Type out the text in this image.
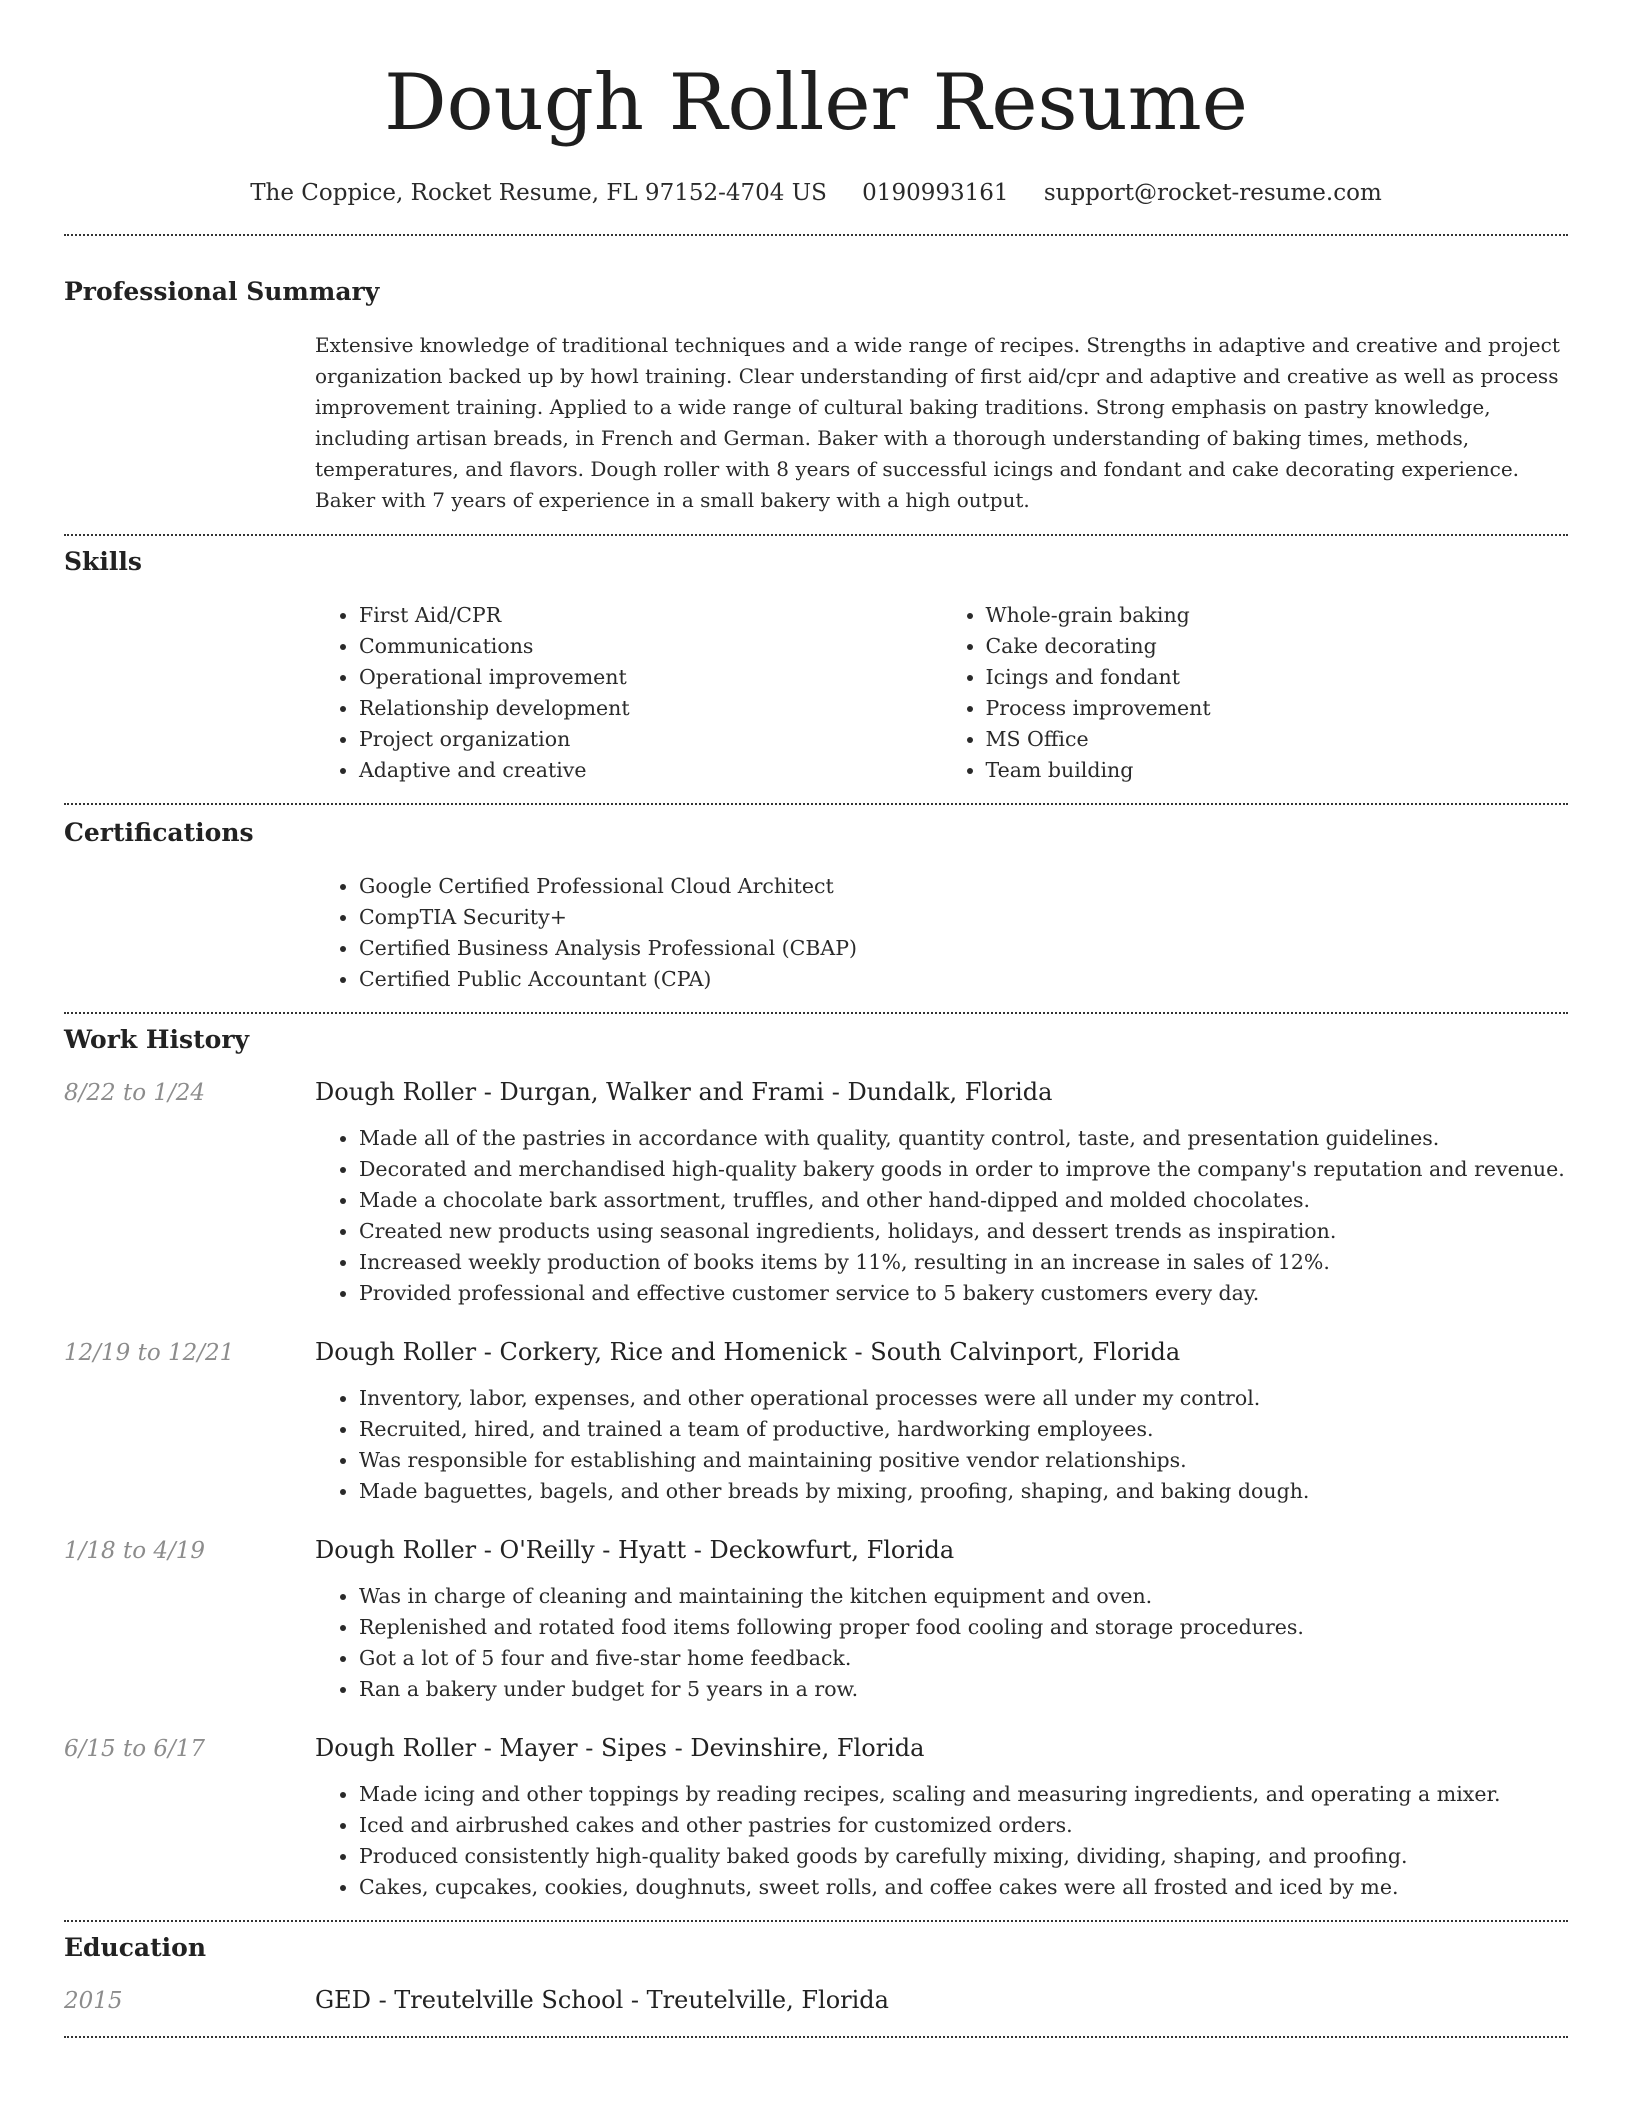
Dough Roller Resume
The Coppice, Rocket Resume, FL 97152-4704 US 0190993161 support@rocket-resume.com
Professional Summary

Extensive knowledge of traditional techniques and a wide range of recipes. Strengths in adaptive and creative and project organization backed up by howl training. Clear understanding of first aid/cpr and adaptive and creative as well as process improvement training. Applied to a wide range of cultural baking traditions. Strong emphasis on pastry knowledge, including artisan breads, in French and German. Baker with a thorough understanding of baking times, methods, temperatures, and flavors. Dough roller with 8 years of successful icings and fondant and cake decorating experience. Baker with 7 years of experience in a small bakery with a high output.

Skills
• First Aid/CPR
• Communications
• Operational improvement
• Relationship development
• Project organization
• Adaptive and creative
• Whole-grain baking
• Cake decorating
• Icings and fondant
• Process improvement
• MS Office
• Team building
Certifications
• Google Certified Professional Cloud Architect
• CompTIA Security+
• Certified Business Analysis Professional (CBAP)
• Certified Public Accountant (CPA)
Work History
8/22 to 1/24	Dough Roller - Durgan, Walker and Frami - Dundalk, Florida
• Made all of the pastries in accordance with quality, quantity control, taste, and presentation guidelines.
• Decorated and merchandised high-quality bakery goods in order to improve the company's reputation and revenue.
• Made a chocolate bark assortment, truffles, and other hand-dipped and molded chocolates.
• Created new products using seasonal ingredients, holidays, and dessert trends as inspiration.
• Increased weekly production of books items by 11%, resulting in an increase in sales of 12%.
• Provided professional and effective customer service to 5 bakery customers every day.
12/19 to 12/21	Dough Roller - Corkery, Rice and Homenick - South Calvinport, Florida
• Inventory, labor, expenses, and other operational processes were all under my control.
• Recruited, hired, and trained a team of productive, hardworking employees.
• Was responsible for establishing and maintaining positive vendor relationships.
• Made baguettes, bagels, and other breads by mixing, proofing, shaping, and baking dough.
1/18 to 4/19	Dough Roller - O'Reilly - Hyatt - Deckowfurt, Florida
• Was in charge of cleaning and maintaining the kitchen equipment and oven.
• Replenished and rotated food items following proper food cooling and storage procedures.
• Got a lot of 5 four and five-star home feedback.
• Ran a bakery under budget for 5 years in a row.
6/15 to 6/17	Dough Roller - Mayer - Sipes - Devinshire, Florida
• Made icing and other toppings by reading recipes, scaling and measuring ingredients, and operating a mixer.
• Iced and airbrushed cakes and other pastries for customized orders.
• Produced consistently high-quality baked goods by carefully mixing, dividing, shaping, and proofing.
• Cakes, cupcakes, cookies, doughnuts, sweet rolls, and coffee cakes were all frosted and iced by me.
Education
2015	GED - Treutelville School - Treutelville, Florida
